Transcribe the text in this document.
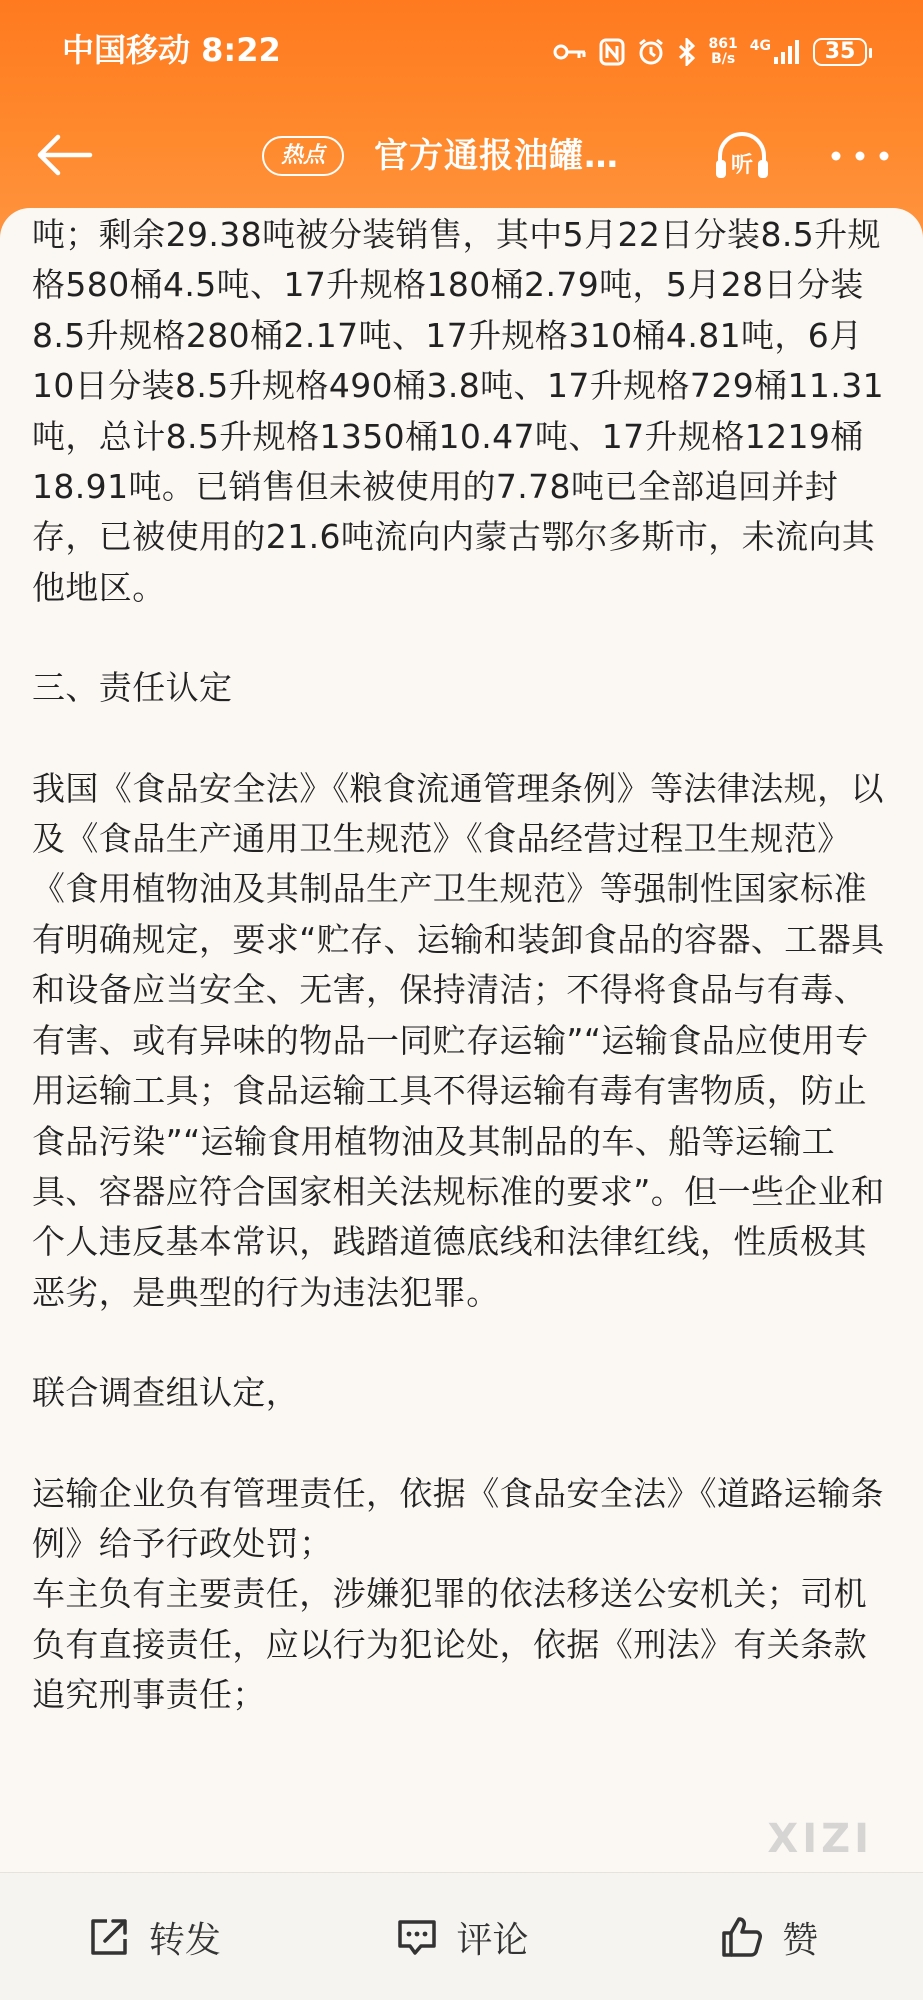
中国移动 8:22	861
B/s
4G	35
热点	官方通报油罐…	听

吨；剩余29.38吨被分装销售，其中5月22日分装8.5升规格580桶4.5吨、17升规格180桶2.79吨，5月28日分装8.5升规格280桶2.17吨、17升规格310桶4.81吨，6月10日分装8.5升规格490桶3.8吨、17升规格729桶11.31吨，总计8.5升规格1350桶10.47吨、17升规格1219桶18.91吨。已销售但未被使用的7.78吨已全部追回并封存，已被使用的21.6吨流向内蒙古鄂尔多斯市，未流向其他地区。

三、责任认定

我国《食品安全法》《粮食流通管理条例》等法律法规，以及《食品生产通用卫生规范》《食品经营过程卫生规范》《食用植物油及其制品生产卫生规范》等强制性国家标准有明确规定，要求“贮存、运输和装卸食品的容器、工器具和设备应当安全、无害，保持清洁；不得将食品与有毒、有害、或有异味的物品一同贮存运输”“运输食品应使用专用运输工具；食品运输工具不得运输有毒有害物质，防止食品污染”“运输食用植物油及其制品的车、船等运输工具、容器应符合国家相关法规标准的要求”。但一些企业和个人违反基本常识，践踏道德底线和法律红线，性质极其恶劣，是典型的行为违法犯罪。

联合调查组认定，

运输企业负有管理责任，依据《食品安全法》《道路运输条例》给予行政处罚；

车主负有主要责任，涉嫌犯罪的依法移送公安机关；司机负有直接责任，应以行为犯论处，依据《刑法》有关条款追究刑事责任；

XIZI
转发	评论	赞
